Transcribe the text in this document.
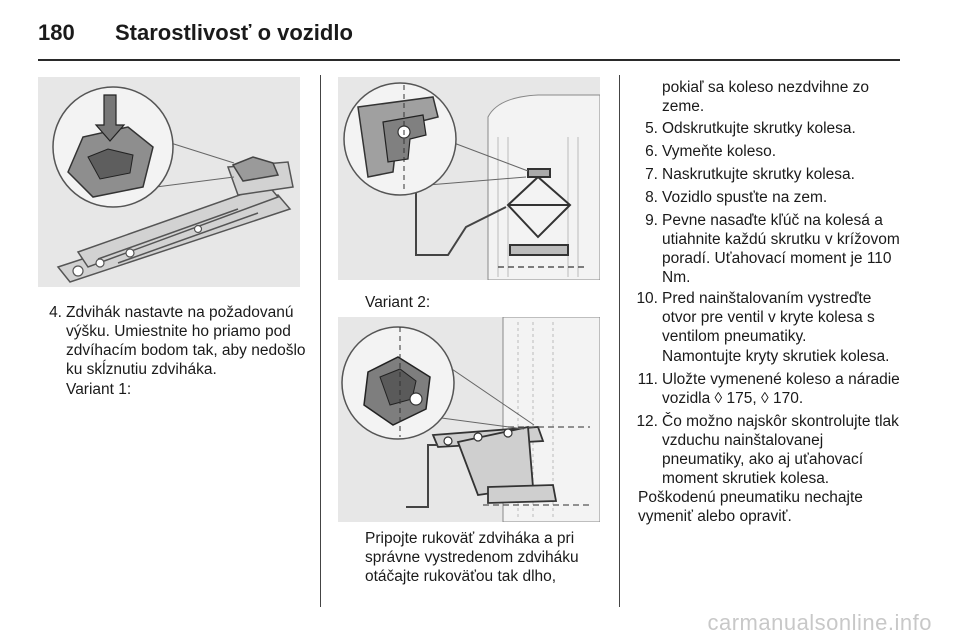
180 Starostlivosť o vozidlo
4. Zdvihák nastavte na požadovanú výšku. Umiestnite ho priamo pod zdvíhacím bodom tak, aby nedošlo ku skĺznutiu zdviháka.
Variant 1:
Variant 2:
Pripojte rukoväť zdviháka a pri správne vystredenom zdviháku otáčajte rukoväťou tak dlho,
pokiaľ sa koleso nezdvihne zo zeme.
5. Odskrutkujte skrutky kolesa.
6. Vymeňte koleso.
7. Naskrutkujte skrutky kolesa.
8. Vozidlo spusťte na zem.
9. Pevne nasaďte kľúč na kolesá a utiahnite každú skrutku v krížovom poradí. Uťahovací moment je 110 Nm.
10. Pred nainštalovaním vystreďte otvor pre ventil v kryte kolesa s ventilom pneumatiky.
Namontujte kryty skrutiek kolesa.
11. Uložte vymenené koleso a náradie vozidla ◊ 175, ◊ 170.
12. Čo možno najskôr skontrolujte tlak vzduchu nainštalovanej pneumatiky, ako aj uťahovací moment skrutiek kolesa.
Poškodenú pneumatiku nechajte vymeniť alebo opraviť.
carmanualsonline.info
